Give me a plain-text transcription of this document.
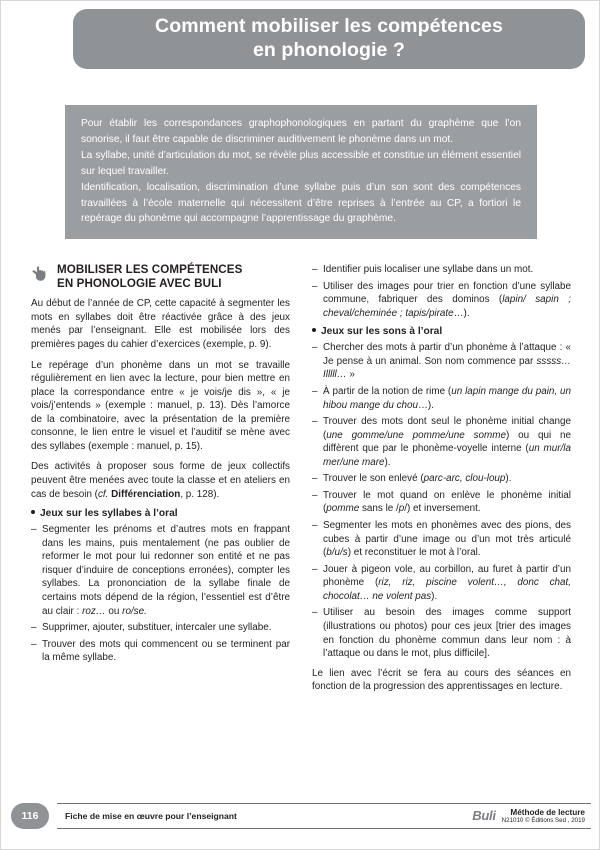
Comment mobiliser les compétences
en phonologie ?

Pour établir les correspondances graphophonologiques en partant du graphème que l’on sonorise, il faut être capable de discriminer auditivement le phonème dans un mot.

La syllabe, unité d’articulation du mot, se révèle plus accessible et constitue un élément essentiel sur lequel travailler.

Identification, localisation, discrimination d’une syllabe puis d’un son sont des compétences travaillées à l’école maternelle qui nécessitent d’être reprises à l’entrée au CP, a fortiori le repérage du phonème qui accompagne l’apprentissage du graphème.

MOBILISER LES COMPÉTENCES
EN PHONOLOGIE AVEC BULI

Au début de l’année de CP, cette capacité à segmenter les mots en syllabes doit être réactivée grâce à des jeux menés par l’enseignant. Elle est mobilisée lors des premières pages du cahier d’exercices (exemple, p. 9).

Le repérage d’un phonème dans un mot se travaille régulièrement en lien avec la lecture, pour bien mettre en place la correspondance entre « je vois/je dis », « je vois/j’entends » (exemple : manuel, p. 13). Dès l’amorce de la combinatoire, avec la présentation de la première consonne, le lien entre le visuel et l’auditif se mène avec des syllabes (exemple : manuel, p. 15).

Des activités à proposer sous forme de jeux collectifs peuvent être menées avec toute la classe et en ateliers en cas de besoin (cf. Différenciation, p. 128).

Jeux sur les syllabes à l’oral
– Segmenter les prénoms et d’autres mots en frappant dans les mains, puis mentalement (ne pas oublier de reformer le mot pour lui redonner son entité et ne pas risquer d’induire de conceptions erronées), compter les syllabes. La prononciation de la syllabe finale de certains mots dépend de la région, l’essentiel est d’être au clair : roz… ou ro/se.
– Supprimer, ajouter, substituer, intercaler une syllabe.
– Trouver des mots qui commencent ou se terminent par la même syllabe.
– Identifier puis localiser une syllabe dans un mot.
– Utiliser des images pour trier en fonction d’une syllabe commune, fabriquer des dominos (lapin/ sapin ; cheval/cheminée ; tapis/pirate…).
Jeux sur les sons à l’oral
– Chercher des mots à partir d’un phonème à l’attaque : « Je pense à un animal. Son nom commence par sssss… Illlll… »
– À partir de la notion de rime (un lapin mange du pain, un hibou mange du chou…).
– Trouver des mots dont seul le phonème initial change (une gomme/une pomme/une somme) ou qui ne diffèrent que par le phonème-voyelle interne (un mur/la mer/une mare).
– Trouver le son enlevé (parc-arc, clou-loup).
– Trouver le mot quand on enlève le phonème initial (pomme sans le /p/) et inversement.
– Segmenter les mots en phonèmes avec des pions, des cubes à partir d’une image ou d’un mot très articulé (b/u/s) et reconstituer le mot à l’oral.
– Jouer à pigeon vole, au corbillon, au furet à partir d’un phonème (riz, riz, piscine volent…, donc chat, chocolat… ne volent pas).
– Utiliser au besoin des images comme support (illustrations ou photos) pour ces jeux [trier des images en fonction du phonème commun dans leur nom : à l’attaque ou dans le mot, plus difficile].

Le lien avec l’écrit se fera au cours des séances en fonction de la progression des apprentissages en lecture.

116	Fiche de mise en œuvre pour l’enseignant	Buli	Méthode de lecture
N21010 © Éditions Sed , 2019
